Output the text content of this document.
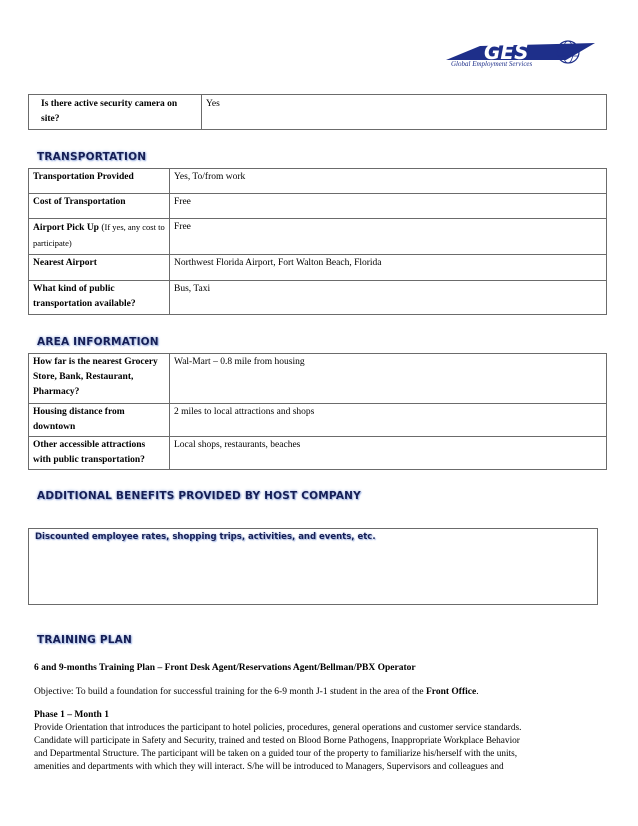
GES
Global Employment Services
Is there active security camera on site?	Yes
TRANSPORTATION
Transportation Provided	Yes, To/from work
Cost of Transportation	Free
Airport Pick Up (If yes, any cost to participate)	Free
Nearest Airport	Northwest Florida Airport, Fort Walton Beach, Florida
What kind of public transportation available?	Bus, Taxi
AREA INFORMATION
How far is the nearest Grocery Store, Bank, Restaurant, Pharmacy?	Wal-Mart – 0.8 mile from housing
Housing distance from downtown	2 miles to local attractions and shops
Other accessible attractions with public transportation?	Local shops, restaurants, beaches
ADDITIONAL BENEFITS PROVIDED BY HOST COMPANY
Discounted employee rates, shopping trips, activities, and events, etc.
TRAINING PLAN
6 and 9-months Training Plan – Front Desk Agent/Reservations Agent/Bellman/PBX Operator
Objective: To build a foundation for successful training for the 6-9 month J-1 student in the area of the Front Office.
Phase 1 – Month 1
Provide Orientation that introduces the participant to hotel policies, procedures, general operations and customer service standards.
Candidate will participate in Safety and Security, trained and tested on Blood Borne Pathogens, Inappropriate Workplace Behavior
and Departmental Structure. The participant will be taken on a guided tour of the property to familiarize his/herself with the units,
amenities and departments with which they will interact. S/he will be introduced to Managers, Supervisors and colleagues and
